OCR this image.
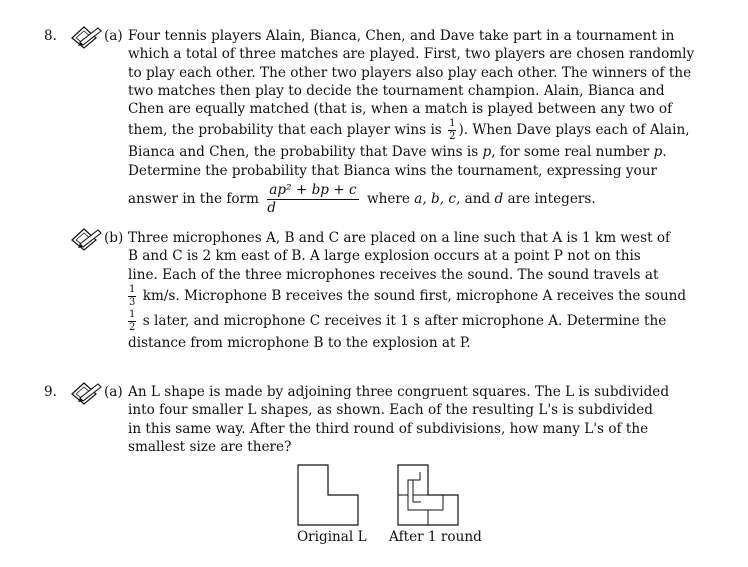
8.	(a) Four tennis players Alain, Bianca, Chen, and Dave take part in a tournament in
which a total of three matches are played. First, two players are chosen randomly
to play each other. The other two players also play each other. The winners of the
two matches then play to decide the tournament champion. Alain, Bianca and
Chen are equally matched (that is, when a match is played between any two of
them, the probability that each player wins is $\frac{1}{2}$ ). When Dave plays each of Alain,
Bianca and Chen, the probability that Dave wins is p, for some real number p.
Determine the probability that Bianca wins the tournament, expressing your
answer in the form $\frac{\text{ap² + bp + c}}{d}$ where a, b, c, and d are integers.
(b) Three microphones A, B and C are placed on a line such that A is 1 km west of
B and C is 2 km east of B. A large explosion occurs at a point P not on this
line. Each of the three microphones receives the sound. The sound travels at
$\frac{1}{3} km/s$. Microphone B receives the sound first, microphone A receives the sound
$\frac{1}{2}$ s later, and microphone C receives it 1 s after microphone A. Determine the
distance from microphone B to the explosion at P.
9.	(a) An L shape is made by adjoining three congruent squares. The L is subdivided
into four smaller L shapes, as shown. Each of the resulting L's is subdivided
in this same way. After the third round of subdivisions, how many L's of the
smallest size are there?
Original L After 1 round
